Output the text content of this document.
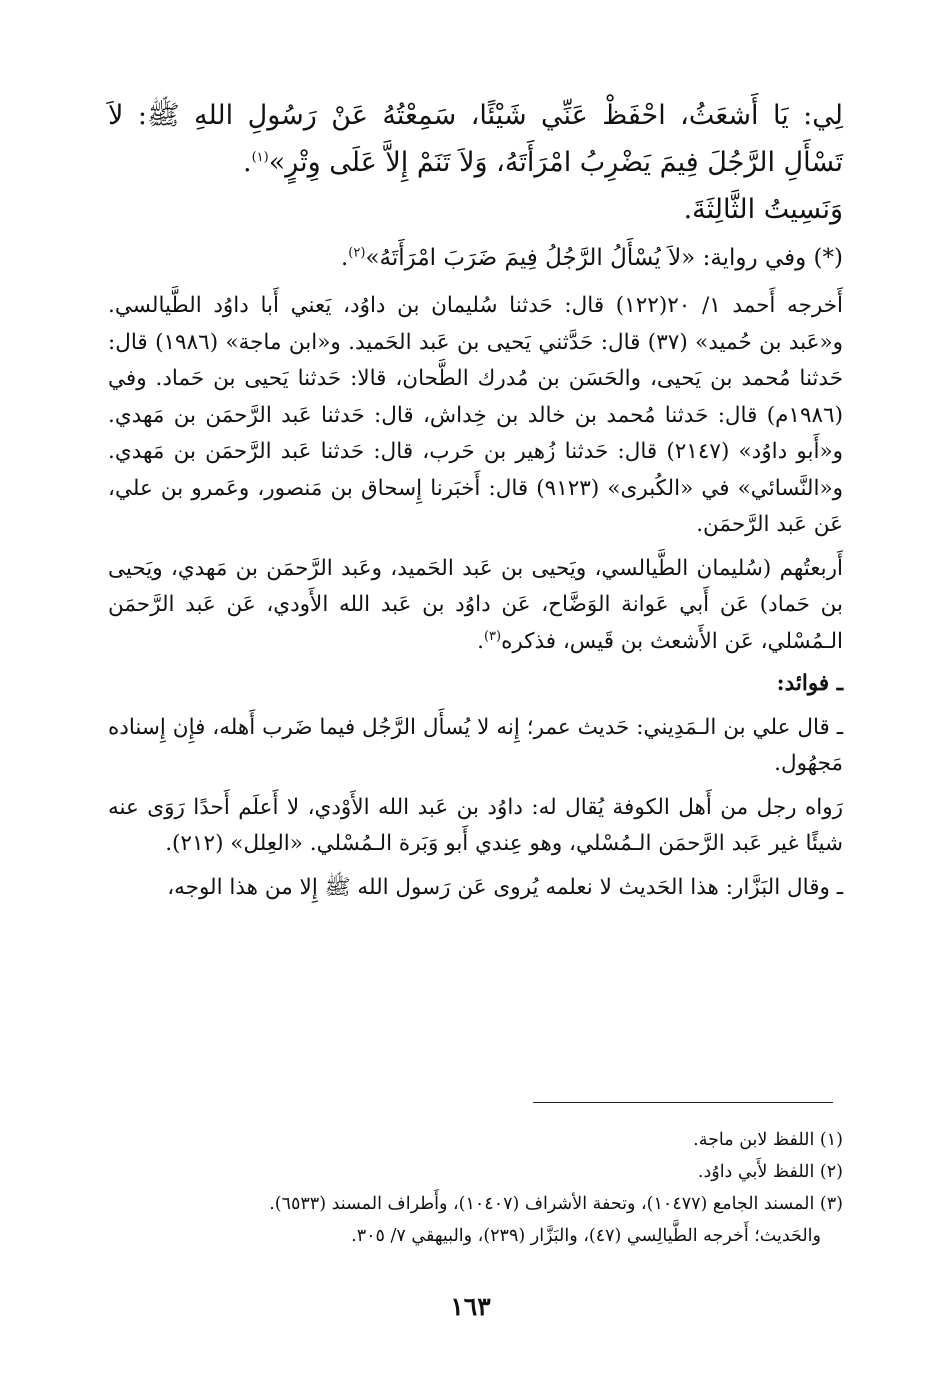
لِي: يَا أَشعَثُ، احْفَظْ عَنِّي شَيْئًا، سَمِعْتُهُ عَنْ رَسُولِ اللهِ ﷺ: لاَ تَسْأَلِ الرَّجُلَ فِيمَ يَضْرِبُ امْرَأَتَهُ، وَلاَ تَنَمْ إِلاَّ عَلَى وِتْرٍ»$^{(١)}$.

وَنَسِيتُ الثَّالِثَةَ.

(*) وفي رواية: «لاَ يُسْأَلُ الرَّجُلُ فِيمَ ضَرَبَ امْرَأَتَهُ»$^{(٢)}$.

أَخرجه أَحمد ١/ ٢٠(١٢٢) قال: حَدثنا سُليمان بن داوُد، يَعني أَبا داوُد الطَّيالسي. و«عَبد بن حُميد» (٣٧) قال: حَدَّثني يَحيى بن عَبد الحَميد. و«ابن ماجة» (١٩٨٦) قال: حَدثنا مُحمد بن يَحيى، والحَسَن بن مُدرك الطَّحان، قالا: حَدثنا يَحيى بن حَماد. وفي (١٩٨٦م) قال: حَدثنا مُحمد بن خالد بن خِداش، قال: حَدثنا عَبد الرَّحمَن بن مَهدي. و«أَبو داوُد» (٢١٤٧) قال: حَدثنا زُهير بن حَرب، قال: حَدثنا عَبد الرَّحمَن بن مَهدي. و«النَّسائي» في «الكُبرى» (٩١٢٣) قال: أَخبَرنا إِسحاق بن مَنصور، وعَمرو بن علي، عَن عَبد الرَّحمَن.

أَربعتُهم (سُليمان الطَّيالسي، ويَحيى بن عَبد الحَميد، وعَبد الرَّحمَن بن مَهدي، ويَحيى بن حَماد) عَن أَبي عَوانة الوَضَّاح، عَن داوُد بن عَبد الله الأَودي، عَن عَبد الرَّحمَن الـمُسْلي، عَن الأَشعث بن قَيس، فذكره$^{(٣)}$.

ـ فوائد:

ـ قال علي بن الـمَدِيني: حَديث عمر؛ إِنه لا يُسأَل الرَّجُل فيما ضَرب أَهله، فإِن إِسناده مَجهُول.

رَواه رجل من أَهل الكوفة يُقال له: داوُد بن عَبد الله الأَوْدي، لا أَعلَم أَحدًا رَوَى عنه شيئًا غير عَبد الرَّحمَن الـمُسْلي، وهو عِندي أَبو وَبَرة الـمُسْلي. «العِلل» (٢١٢).

ـ وقال البَزَّار: هذا الحَديث لا نعلمه يُروى عَن رَسول الله ﷺ إِلا من هذا الوجه،

(١) اللفظ لابن ماجة.

(٢) اللفظ لأَبي داوُد.

(٣) المسند الجامع (١٠٤٧٧)، وتحفة الأشراف (١٠٤٠٧)، وأَطراف المسند (٦٥٣٣).

والحَديث؛ أَخرجه الطَّيالِسي (٤٧)، والبَزَّار (٢٣٩)، والبيهقي ٧/ ٣٠٥.

١٦٣
